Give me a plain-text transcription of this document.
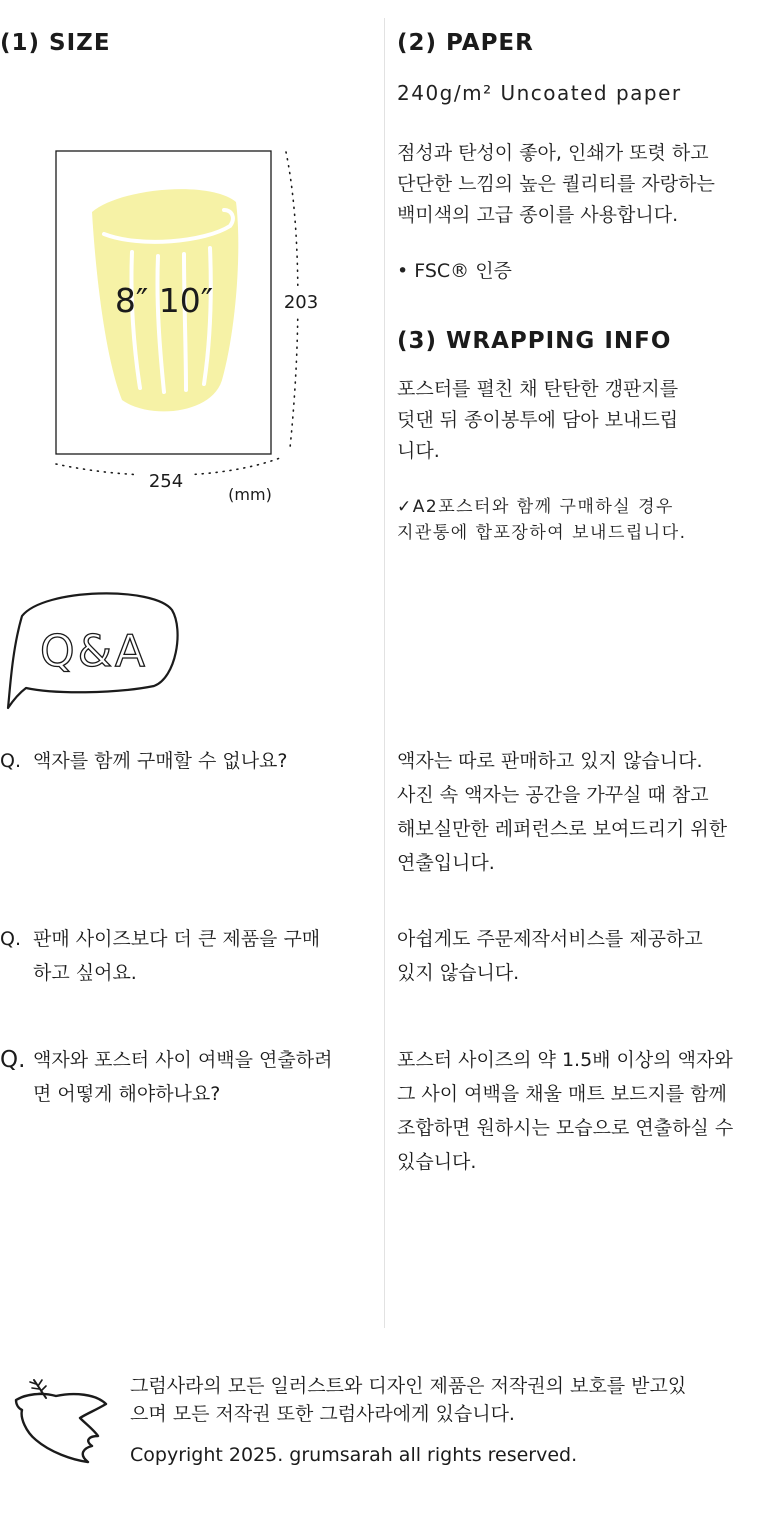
(1) SIZE
8″ 10″	203
254
(mm)
(2) PAPER

240g/m² Uncoated paper

점성과 탄성이 좋아, 인쇄가 또렷 하고
단단한 느낌의 높은 퀄리티를 자랑하는
백미색의 고급 종이를 사용합니다.

• FSC® 인증

(3) WRAPPING INFO

포스터를 펼친 채 탄탄한 갱판지를
덧댄 뒤 종이봉투에 담아 보내드립
니다.

✓A2포스터와 함께 구매하실 경우
지관통에 합포장하여 보내드립니다.

Q&A
Q. 액자를 함께 구매할 수 없나요?	액자는 따로 판매하고 있지 않습니다.
사진 속 액자는 공간을 가꾸실 때 참고
해보실만한 레퍼런스로 보여드리기 위한
연출입니다.
Q. 판매 사이즈보다 더 큰 제품을 구매
하고 싶어요.
아쉽게도 주문제작서비스를 제공하고
있지 않습니다.
Q. 액자와 포스터 사이 여백을 연출하려
면 어떻게 해야하나요?
포스터 사이즈의 약 1.5배 이상의 액자와
그 사이 여백을 채울 매트 보드지를 함께
조합하면 원하시는 모습으로 연출하실 수
있습니다.

그럼사라의 모든 일러스트와 디자인 제품은 저작권의 보호를 받고있
으며 모든 저작권 또한 그럼사라에게 있습니다.

Copyright 2025. grumsarah all rights reserved.
